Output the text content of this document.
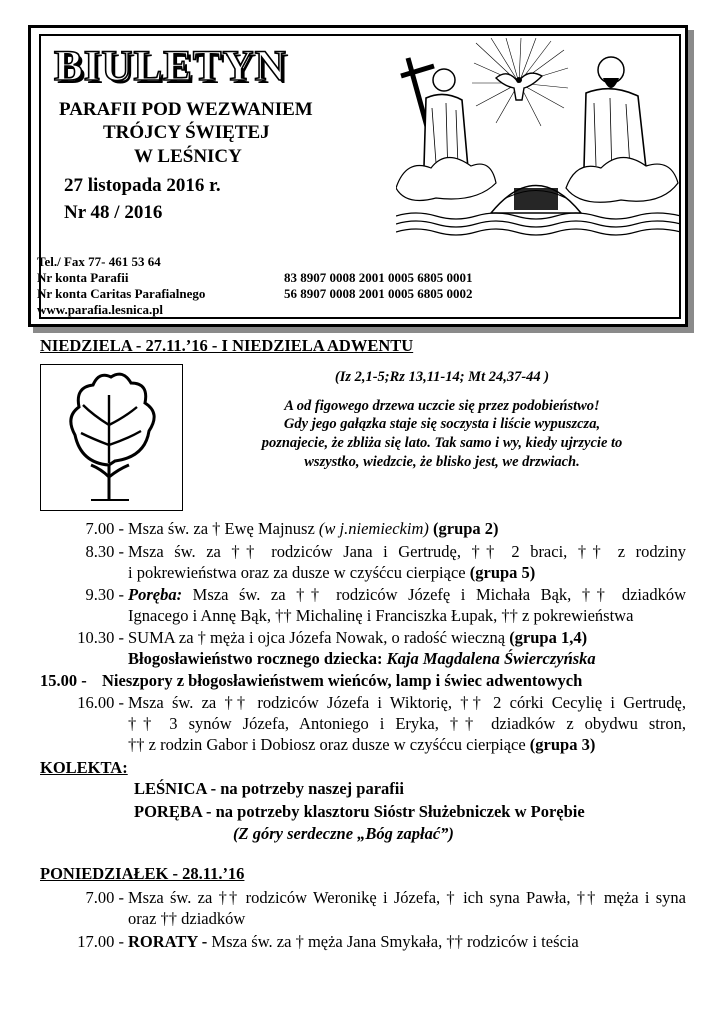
BIULETYN
PARAFII POD WEZWANIEM
TRÓJCY ŚWIĘTEJ
W LEŚNICY
27 listopada 2016 r.
Nr 48 / 2016
Tel./ Fax 77- 461 53 64
Nr konta Parafii	83 8907 0008 2001 0005 6805 0001
Nr konta Caritas Parafialnego	56 8907 0008 2001 0005 6805 0002
www.parafia.lesnica.pl
NIEDZIELA - 27.11.’16 - I NIEDZIELA ADWENTU
(Iz 2,1-5;Rz 13,11-14; Mt 24,37-44 )
A od figowego drzewa uczcie się przez podobieństwo!
Gdy jego gałązka staje się soczysta i liście wypuszcza,
poznajecie, że zbliża się lato. Tak samo i wy, kiedy ujrzycie to
wszystko, wiedzcie, że blisko jest, we drzwiach.
7.00 - Msza św. za † Ewę Majnusz (w j.niemieckim) (grupa 2)
8.30 - Msza św. za †† rodziców Jana i Gertrudę, †† 2 braci, †† z rodziny
i pokrewieństwa oraz za dusze w czyśćcu cierpiące (grupa 5)
9.30 - Poręba: Msza św. za †† rodziców Józefę i Michała Bąk, †† dziadków
Ignacego i Annę Bąk, †† Michalinę i Franciszka Łupak, †† z pokrewieństwa
10.30 - SUMA za † męża i ojca Józefa Nowak, o radość wieczną (grupa 1,4)
Błogosławieństwo rocznego dziecka: Kaja Magdalena Świerczyńska
15.00 - Nieszpory z błogosławieństwem wieńców, lamp i świec adwentowych
16.00 - Msza św. za †† rodziców Józefa i Wiktorię, †† 2 córki Cecylię i Gertrudę,
†† 3 synów Józefa, Antoniego i Eryka, †† dziadków z obydwu stron,
†† z rodzin Gabor i Dobiosz oraz dusze w czyśćcu cierpiące (grupa 3)
KOLEKTA:
LEŚNICA - na potrzeby naszej parafii
PORĘBA - na potrzeby klasztoru Sióstr Służebniczek w Porębie
(Z góry serdeczne „Bóg zapłać”)
PONIEDZIAŁEK - 28.11.’16
7.00 - Msza św. za †† rodziców Weronikę i Józefa, † ich syna Pawła, †† męża i syna
oraz †† dziadków
17.00 - RORATY - Msza św. za † męża Jana Smykała, †† rodziców i teścia
